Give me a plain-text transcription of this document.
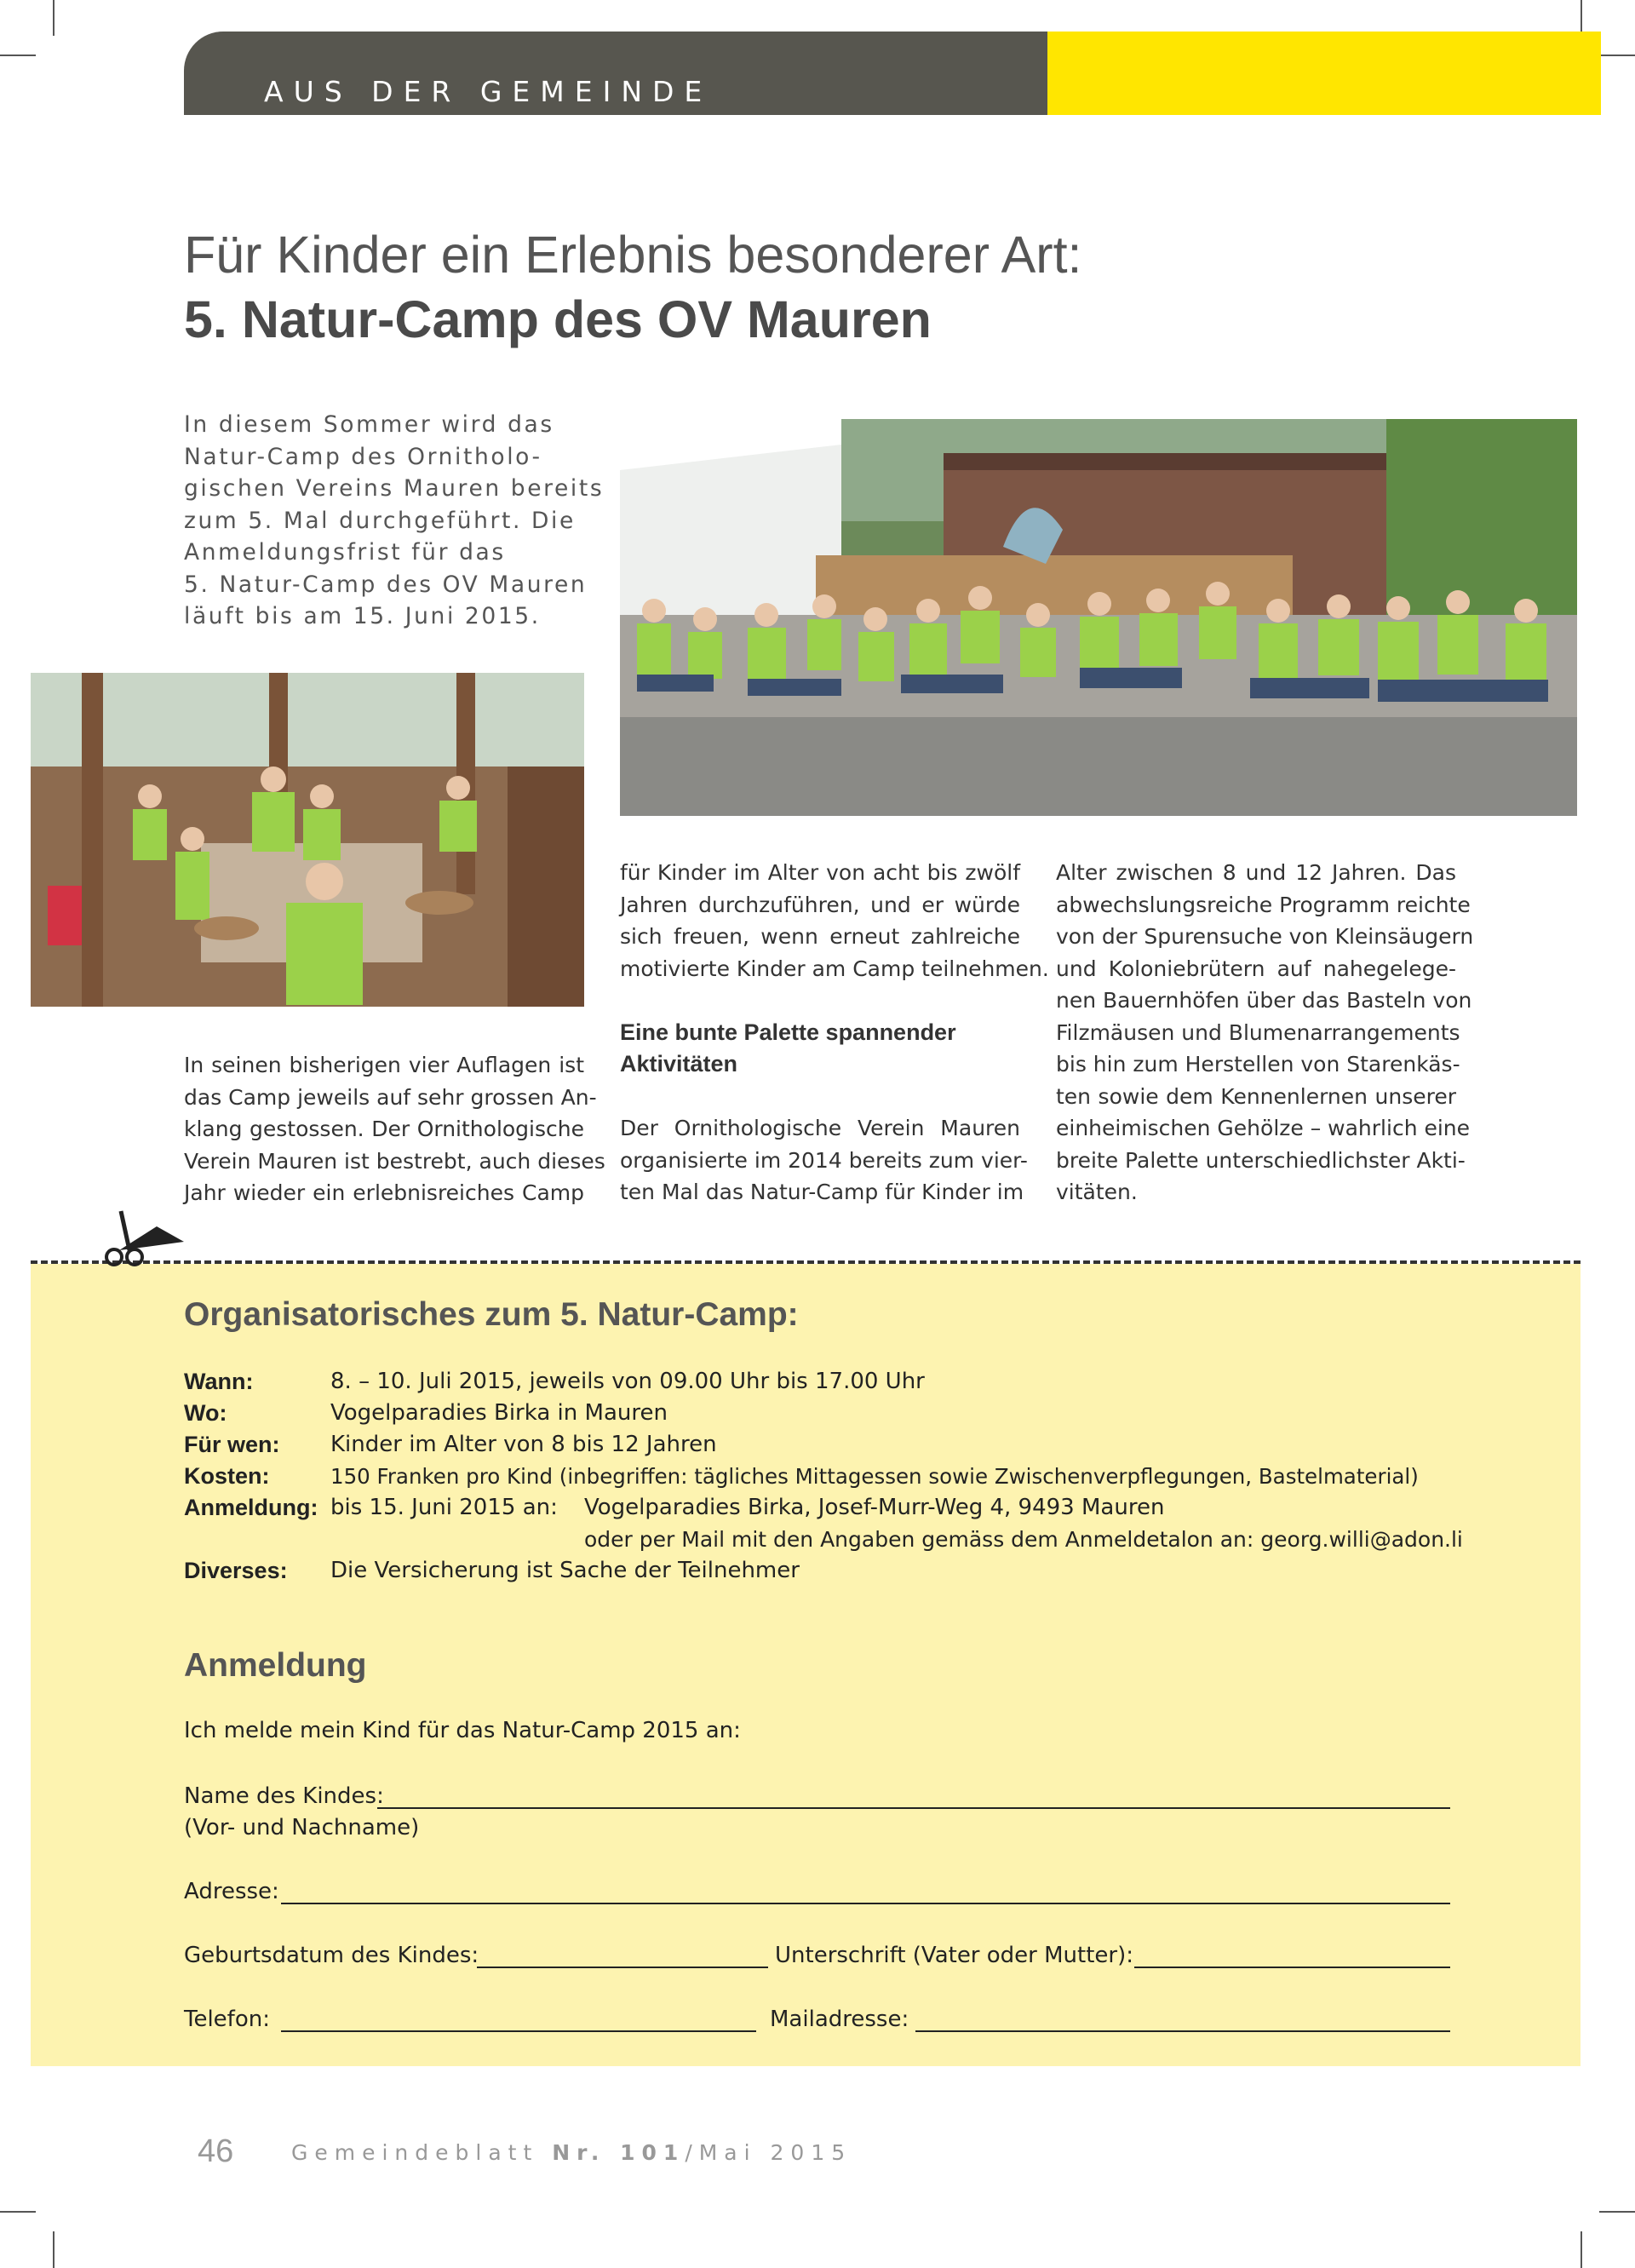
AUS DER GEMEINDE
Für Kinder ein Erlebnis besonderer Art:
5. Natur-Camp des OV Mauren
In diesem Sommer wird das
Natur-Camp des Ornitholo-
gischen Vereins Mauren bereits
zum 5. Mal durchgeführt. Die
Anmeldungsfrist für das
5. Natur-Camp des OV Mauren
läuft bis am 15. Juni 2015.
In seinen bisherigen vier Auflagen ist
das Camp jeweils auf sehr grossen An-
klang gestossen. Der Ornithologische
Verein Mauren ist bestrebt, auch dieses
Jahr wieder ein erlebnisreiches Camp
für Kinder im Alter von acht bis zwölf
Jahren durchzuführen, und er würde
sich freuen, wenn erneut zahlreiche
motivierte Kinder am Camp teilnehmen.
Eine bunte Palette spannender
Aktivitäten
Der Ornithologische Verein Mauren
organisierte im 2014 bereits zum vier-
ten Mal das Natur-Camp für Kinder im
Alter zwischen 8 und 12 Jahren. Das
abwechslungsreiche Programm reichte
von der Spurensuche von Kleinsäugern
und Koloniebrütern auf nahegelege-
nen Bauernhöfen über das Basteln von
Filzmäusen und Blumenarrangements
bis hin zum Herstellen von Starenkäs-
ten sowie dem Kennenlernen unserer
einheimischen Gehölze – wahrlich eine
breite Palette unterschiedlichster Akti-
vitäten.
Organisatorisches zum 5. Natur-Camp:
Wann:	8. – 10. Juli 2015, jeweils von 09.00 Uhr bis 17.00 Uhr
Wo:	Vogelparadies Birka in Mauren
Für wen: Kinder im Alter von 8 bis 12 Jahren
Kosten:	150 Franken pro Kind (inbegriffen: tägliches Mittagessen sowie Zwischenverpflegungen, Bastelmaterial)
Anmeldung: bis 15. Juni 2015 an: Vogelparadies Birka, Josef-Murr-Weg 4, 9493 Mauren
oder per Mail mit den Angaben gemäss dem Anmeldetalon an: georg.willi@adon.li
Diverses: Die Versicherung ist Sache der Teilnehmer
Anmeldung
Ich melde mein Kind für das Natur-Camp 2015 an:
Name des Kindes:
(Vor- und Nachname)
Adresse:
Geburtsdatum des Kindes:	Unterschrift (Vater oder Mutter):
Telefon:	Mailadresse:
46	Gemeindeblatt Nr. 101/Mai 2015
